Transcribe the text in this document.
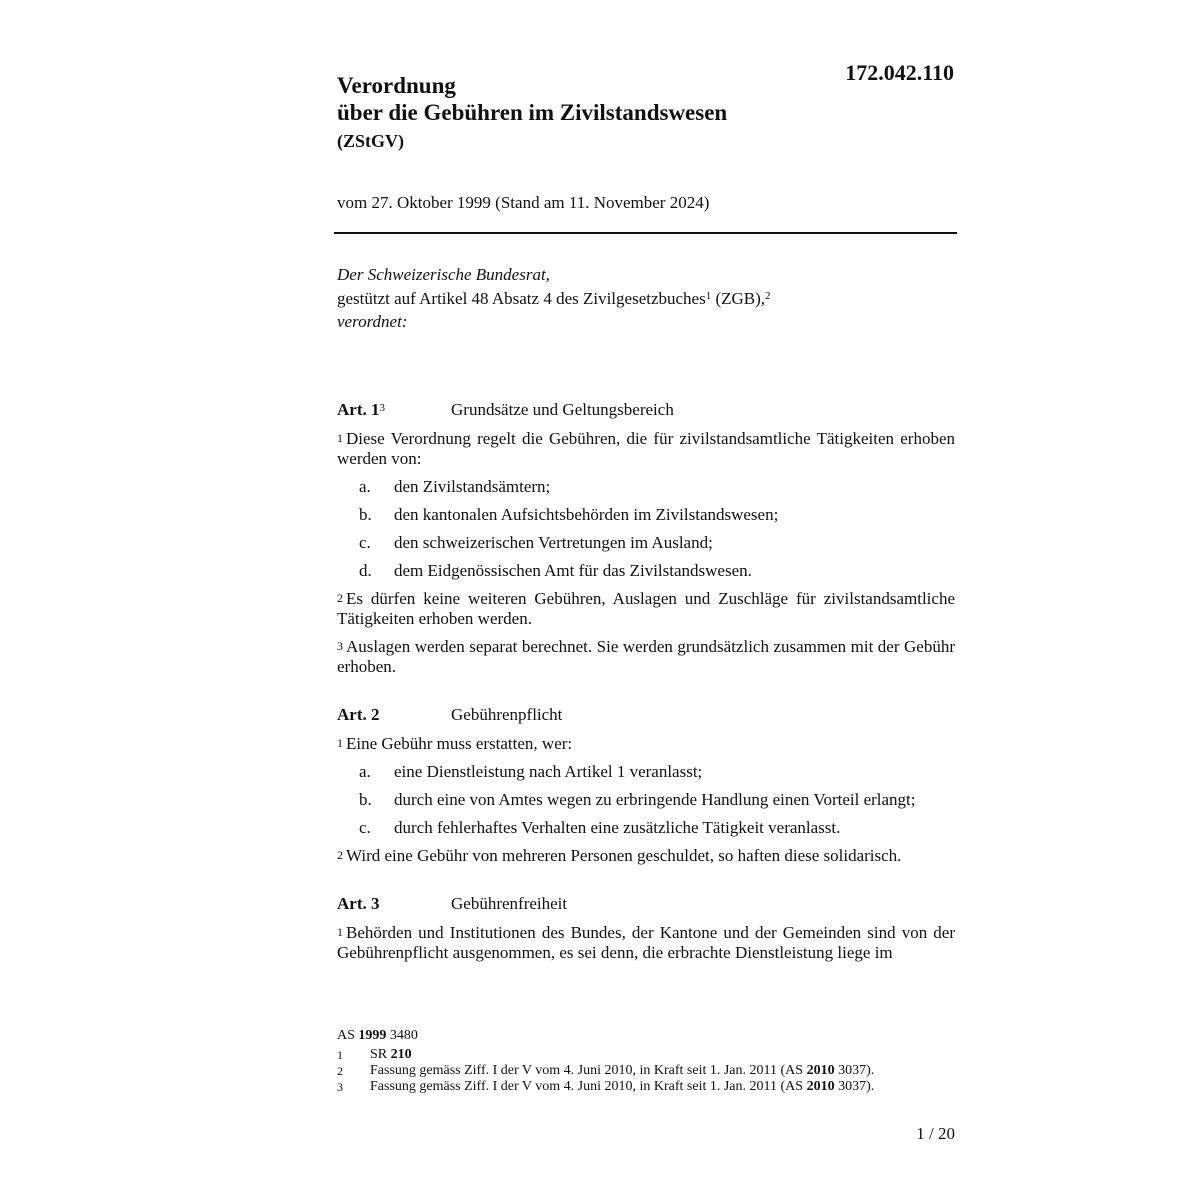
172.042.110
Verordnung
über die Gebühren im Zivilstandswesen
(ZStGV)
vom 27. Oktober 1999 (Stand am 11. November 2024)
Der Schweizerische Bundesrat,
gestützt auf Artikel 48 Absatz 4 des Zivilgesetzbuches$^1$ (ZGB),$^2$
verordnet:
Art. $1^3$	Grundsätze und Geltungsbereich
$^1$ Diese Verordnung regelt die Gebühren, die für zivilstandsamtliche Tätigkeiten erhoben werden von:
a.	den Zivilstandsämtern;
b.	den kantonalen Aufsichtsbehörden im Zivilstandswesen;
c.	den schweizerischen Vertretungen im Ausland;
d.	dem Eidgenössischen Amt für das Zivilstandswesen.
$^2$ Es dürfen keine weiteren Gebühren, Auslagen und Zuschläge für zivilstandsamtliche Tätigkeiten erhoben werden.
$^3$ Auslagen werden separat berechnet. Sie werden grundsätzlich zusammen mit der Gebühr erhoben.
Art. 2	Gebührenpflicht
$^1$ Eine Gebühr muss erstatten, wer:
a.	eine Dienstleistung nach Artikel 1 veranlasst;
b.	durch eine von Amtes wegen zu erbringende Handlung einen Vorteil erlangt;
c.	durch fehlerhaftes Verhalten eine zusätzliche Tätigkeit veranlasst.
$^2$ Wird eine Gebühr von mehreren Personen geschuldet, so haften diese solidarisch.
Art. 3	Gebührenfreiheit
$^1$ Behörden und Institutionen des Bundes, der Kantone und der Gemeinden sind von der Gebührenpflicht ausgenommen, es sei denn, die erbrachte Dienstleistung liege im
AS 1999 3480
1	SR 210
2	Fassung gemäss Ziff. I der V vom 4. Juni 2010, in Kraft seit 1. Jan. 2011 (AS 2010 3037).
3	Fassung gemäss Ziff. I der V vom 4. Juni 2010, in Kraft seit 1. Jan. 2011 (AS 2010 3037).
1 / 20
